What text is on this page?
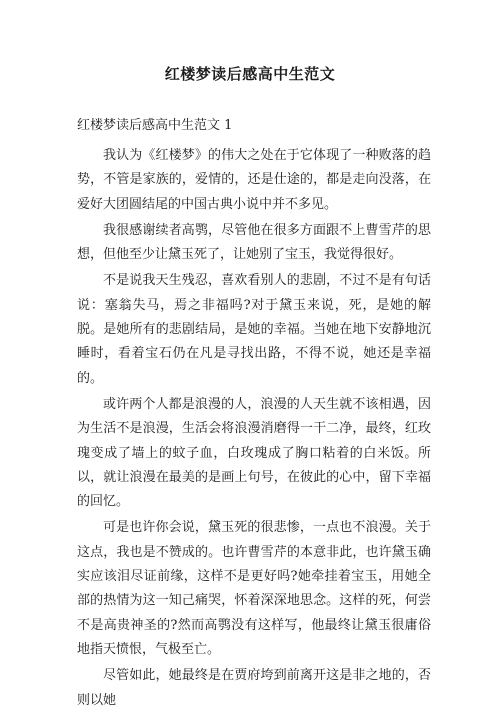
红楼梦读后感高中生范文
红楼梦读后感高中生范文 1

我认为《红楼梦》的伟大之处在于它体现了一种败落的趋势，不管是家族的，爱情的，还是仕途的，都是走向没落，在爱好大团圆结尾的中国古典小说中并不多见。

我很感谢续者高鹗，尽管他在很多方面跟不上曹雪芹的思想，但他至少让黛玉死了，让她别了宝玉，我觉得很好。

不是说我天生残忍，喜欢看别人的悲剧，不过不是有句话说：塞翁失马，焉之非福吗?对于黛玉来说，死，是她的解脱。是她所有的悲剧结局，是她的幸福。当她在地下安静地沉睡时，看着宝石仍在凡是寻找出路，不得不说，她还是幸福的。

或许两个人都是浪漫的人，浪漫的人天生就不该相遇，因为生活不是浪漫，生活会将浪漫消磨得一干二净，最终，红玫瑰变成了墙上的蚊子血，白玫瑰成了胸口粘着的白米饭。所以，就让浪漫在最美的是画上句号，在彼此的心中，留下幸福的回忆。

可是也许你会说，黛玉死的很悲惨，一点也不浪漫。关于这点，我也是不赞成的。也许曹雪芹的本意非此，也许黛玉确实应该泪尽证前缘，这样不是更好吗?她牵挂着宝玉，用她全部的热情为这一知己痛哭，怀着深深地思念。这样的死，何尝不是高贵神圣的?然而高鹗没有这样写，他最终让黛玉很庸俗地指天愤恨，气极至亡。

尽管如此，她最终是在贾府垮到前离开这是非之地的，否则以她
